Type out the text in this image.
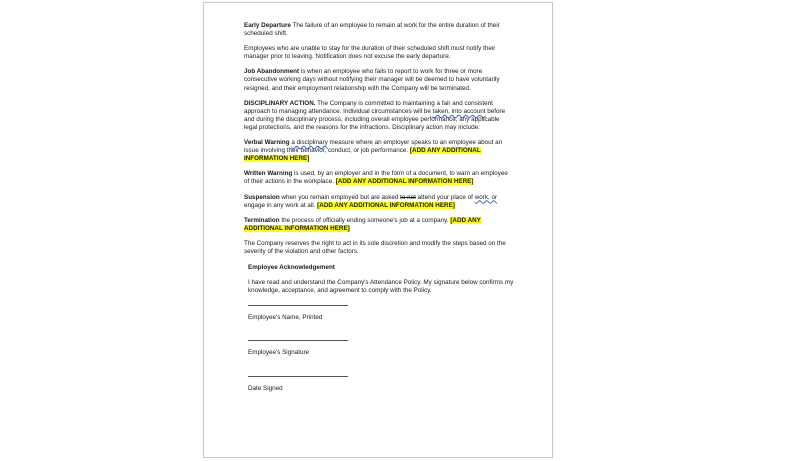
Early Departure The failure of an employee to remain at work for the entire duration of their scheduled shift.

Employees who are unable to stay for the duration of their scheduled shift must notify their manager prior to leaving. Notification does not excuse the early departure.

Job Abandonment is when an employee who fails to report to work for three or more consecutive working days without notifying their manager will be deemed to have voluntarily resigned, and their employment relationship with the Company will be terminated.

DISCIPLINARY ACTION. The Company is committed to maintaining a fair and consistent approach to managing attendance. Individual circumstances will be taken, into account before and during the disciplinary process, including overall employee performance, any applicable legal protections, and the reasons for the infractions. Disciplinary action may include:

Verbal Warning a disciplinary measure where an employer speaks to an employee about an issue involving their behavior, conduct, or job performance. [ADD ANY ADDITIONAL INFORMATION HERE]

Written Warning is used, by an employer and in the form of a document, to warn an employee of their actions in the workplace. [ADD ANY ADDITIONAL INFORMATION HERE]

Suspension when you remain employed but are asked to not attend your place of work, or engage in any work at all. [ADD ANY ADDITIONAL INFORMATION HERE]

Termination the process of officially ending someone's job at a company. [ADD ANY ADDITIONAL INFORMATION HERE]

The Company reserves the right to act in its sole discretion and modify the steps based on the severity of the violation and other factors.

Employee Acknowledgement

I have read and understand the Company's Attendance Policy. My signature below confirms my knowledge, acceptance, and agreement to comply with the Policy.

Employee's Name, Printed
Employee's Signature
Date Signed
